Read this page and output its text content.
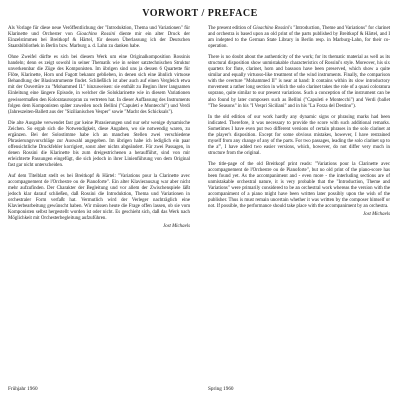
VORWORT / PREFACE

Als Vorlage für diese neue Veröffentlichung der "Introduktion, Thema und Variationen" für Klarinette und Orchester von Gioachino Rossini diente mir ein alter Druck der Einzelstimmen bei Breitkopf & Härtel, für dessen Überlassung ich der Deutschen Staatsbibliothek in Berlin bzw. Marburg a. d. Lahn zu danken habe.

Ohne Zweifel dürfte es sich bei diesem Werk um eine Originalkomposition Rossinis handeln; denn es zeigt sowohl in seiner Thematik wie in seiner satztechnischen Struktur unverkennbar die Züge des Komponisten. Im übrigen sind uns ja dessen 6 Quartette für Flöte, Klarinette, Horn und Fagott bekannt geblieben, in denen sich eine ähnlich virtuose Behandlung der Blasinstrumente findet. Schließlich ist aber auch auf einen Vergleich etwa mit der Ouvertüre zu "Mohammed II." hinzuweisen: sie enthält zu Beginn ihrer langsamen Einleitung eine längere Episode, in welcher die Soloklarinette wie in diesem Variationen gewissermaßen den Kolorataursopran zu vertreten hat. In dieser Auffassung des Instruments folgen dem Komponisten später zuweilen noch Bellini ("Capuleti e Montecchi") und Verdi (Jahreszeiten-Ballett aus der "Sizilianischen Vesper" sowie "Macht des Schicksals").

Die alte Ausgabe verwendet fast gar keine Phrasierungen und nur sehr wenige dynamische Zeichen. So ergab sich die Notwendigkeit, diese Angaben, wo sie notwendig waren, zu ergänzen. Bei der Solostimme habe ich an manchen Stellen zwei verschiedene Phrasierungsvorschläge zur Auswahl angegeben. Im übrigen habe ich lediglich ein paar offensichtliche Druckfehler korrigiert, sonst aber nichts abgeändert. Für zwei Passagen, in denen Rossini die Klarinette bis zum dreigestrichenen a heraufführt, sind von mir erleichterte Passungen eingefügt, die sich jedoch in ihrer Linienführung von dem Original fast gar nicht unterscheiden.

Auf dem Titelblatt stellt es bei Breitkopf & Härtel: "Variations pour la Clarinette avec accompagnement de l'Orchestre ou de Pianoforte". Ein alter Klavierauszug war aber nicht mehr aufzufinden. Der Charakter der Begleitung und vor allem der Zwischenspiele läßt jedoch klar darauf schließen, daß Rossini die Introduktion, Thema und Variationen in orchestraler Form verfaßt hat. Vermutlich wird der Verleger nachträglich eine Klavierbearbeitung gewünscht haben. Wir müssen heute die Frage offen lassen, ob sie vom Komponisten selbst hergestellt worden ist oder nicht. Es geschieht sich, daß das Werk nach Möglichkeit mit Orchesterbegleitung aufzuführen.

Jost Michaels

The present edition of Gioachino Rossini's "Introduction, Theme and Variations" for clarinet and orchestra is based upon an old print of the parts published by Breitkopf & Härtel, and I am indepted to the German State Library in Berlin resp. in Marburg-Lahn, for their co-operation.

There is no doubt about the authenticity of the work; for its thematic material as well as its structural disposition show unmistakable characteristics of Rossini's style. Moreover, his six quartets for flute, clarinet, horn and bassoon have been preserved, which show a quite similar and equally virtuoso-like treatment of the wind instruments. Finally, the comparison with the overture "Mohammed II" is near at hand: It contains within its slow introductory movement a rather long section in which the solo clarinet takes the role of a quasi coloratura soprano, quite similar to our present variations. Such a conception of the instrument can be also found by later composers such as Bellini ("Capuleti e Montecchi") and Verdi (ballet "The Seasons" in his "I Vespri Siciliani" and in his "La Forza del Destino").

In the old edition of our work hardly any dynamic signs or phrasing marks had been indicated. Therefore, it was necessary to provide the score with such additional remarks. Sometimes I have even put two different versions of certain phrases in the solo clarinet at the player's disposition. Except for some obvious mistakes, however, I have restrained myself from any change of any of the parts. For two passages, leading the solo clarinet up to the a''', I have added two easier versions, which, however, do not differ very much in structure from the original.

The title-page of the old Breitkopf print reads: "Variations pour la Clarinette avec accompagnement de l'Orchestre ou de Pianoforte", but no old print of the piano-score has been found yet. As the accompaniment and - even more - the interluding sections are of unmistakable orchestral nature, it is very probable that the "Introduction, Theme and Variations" were primarily considered to be an orchestral work whereas the version with the accompaniment of a piano might have been written later possibly upon the wish of the publisher. Thus is must remain uncertain whether it was written by the composer himself or not. If possible, the performance should take place with the accompaniment by an orchestra.

Jost Michaels
Frühjahr 1960	Spring 1960
